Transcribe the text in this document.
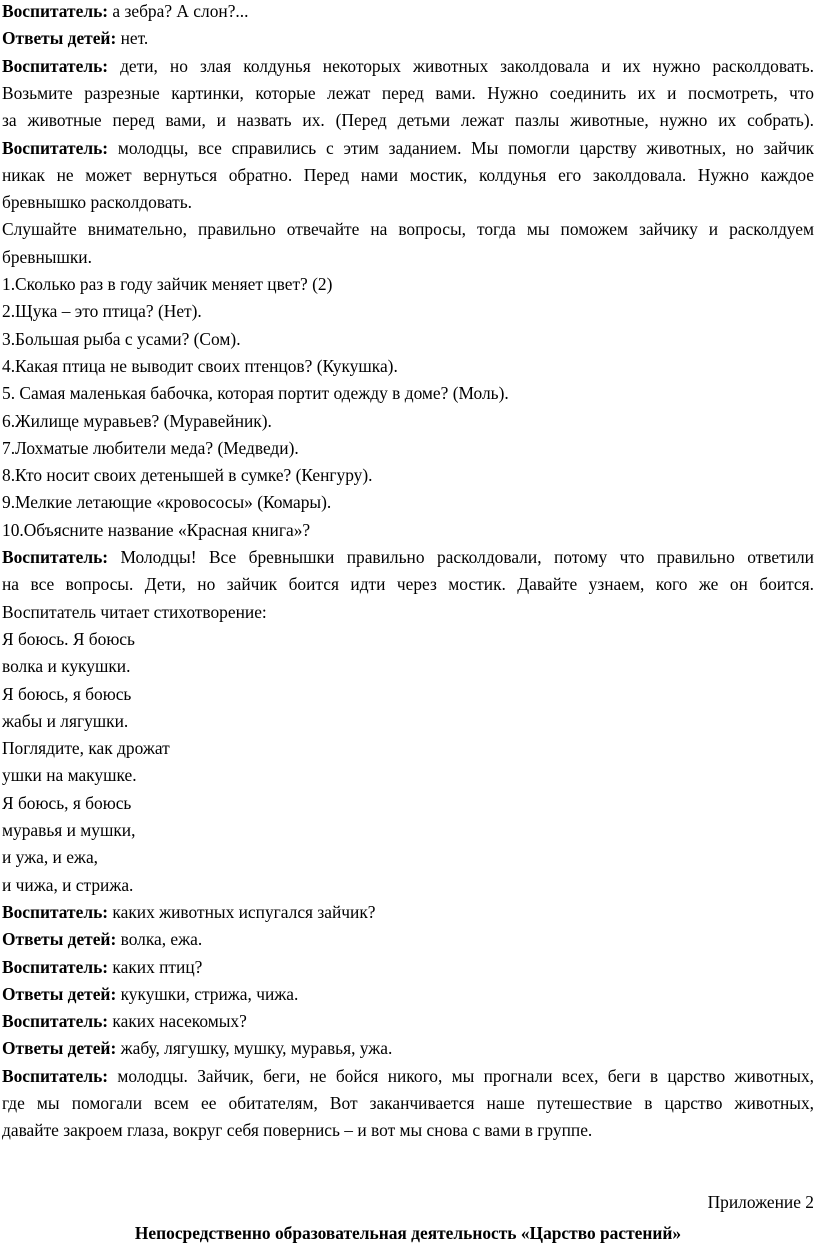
Воспитатель: а зебра? А слон?...
Ответы детей: нет.
Воспитатель: дети, но злая колдунья некоторых животных заколдовала и их нужно расколдовать.
Возьмите разрезные картинки, которые лежат перед вами. Нужно соединить их и посмотреть, что
за животные перед вами, и назвать их. (Перед детьми лежат пазлы животные, нужно их собрать).
Воспитатель: молодцы, все справились с этим заданием. Мы помогли царству животных, но зайчик
никак не может вернуться обратно. Перед нами мостик, колдунья его заколдовала. Нужно каждое
бревнышко расколдовать.
Слушайте внимательно, правильно отвечайте на вопросы, тогда мы поможем зайчику и расколдуем
бревнышки.
1.Сколько раз в году зайчик меняет цвет? (2)
2.Щука – это птица? (Нет).
3.Большая рыба с усами? (Сом).
4.Какая птица не выводит своих птенцов? (Кукушка).
5. Самая маленькая бабочка, которая портит одежду в доме? (Моль).
6.Жилище муравьев? (Муравейник).
7.Лохматые любители меда? (Медведи).
8.Кто носит своих детенышей в сумке? (Кенгуру).
9.Мелкие летающие «кровососы» (Комары).
10.Объясните название «Красная книга»?
Воспитатель: Молодцы! Все бревнышки правильно расколдовали, потому что правильно ответили
на все вопросы. Дети, но зайчик боится идти через мостик. Давайте узнаем, кого же он боится.
Воспитатель читает стихотворение:
Я боюсь. Я боюсь
волка и кукушки.
Я боюсь, я боюсь
жабы и лягушки.
Поглядите, как дрожат
ушки на макушке.
Я боюсь, я боюсь
муравья и мушки,
и ужа, и ежа,
и чижа, и стрижа.
Воспитатель: каких животных испугался зайчик?
Ответы детей: волка, ежа.
Воспитатель: каких птиц?
Ответы детей: кукушки, стрижа, чижа.
Воспитатель: каких насекомых?
Ответы детей: жабу, лягушку, мушку, муравья, ужа.
Воспитатель: молодцы. Зайчик, беги, не бойся никого, мы прогнали всех, беги в царство животных,
где мы помогали всем ее обитателям, Вот заканчивается наше путешествие в царство животных,
давайте закроем глаза, вокруг себя повернись – и вот мы снова с вами в группе.
Приложение 2
Непосредственно образовательная деятельность «Царство растений»
